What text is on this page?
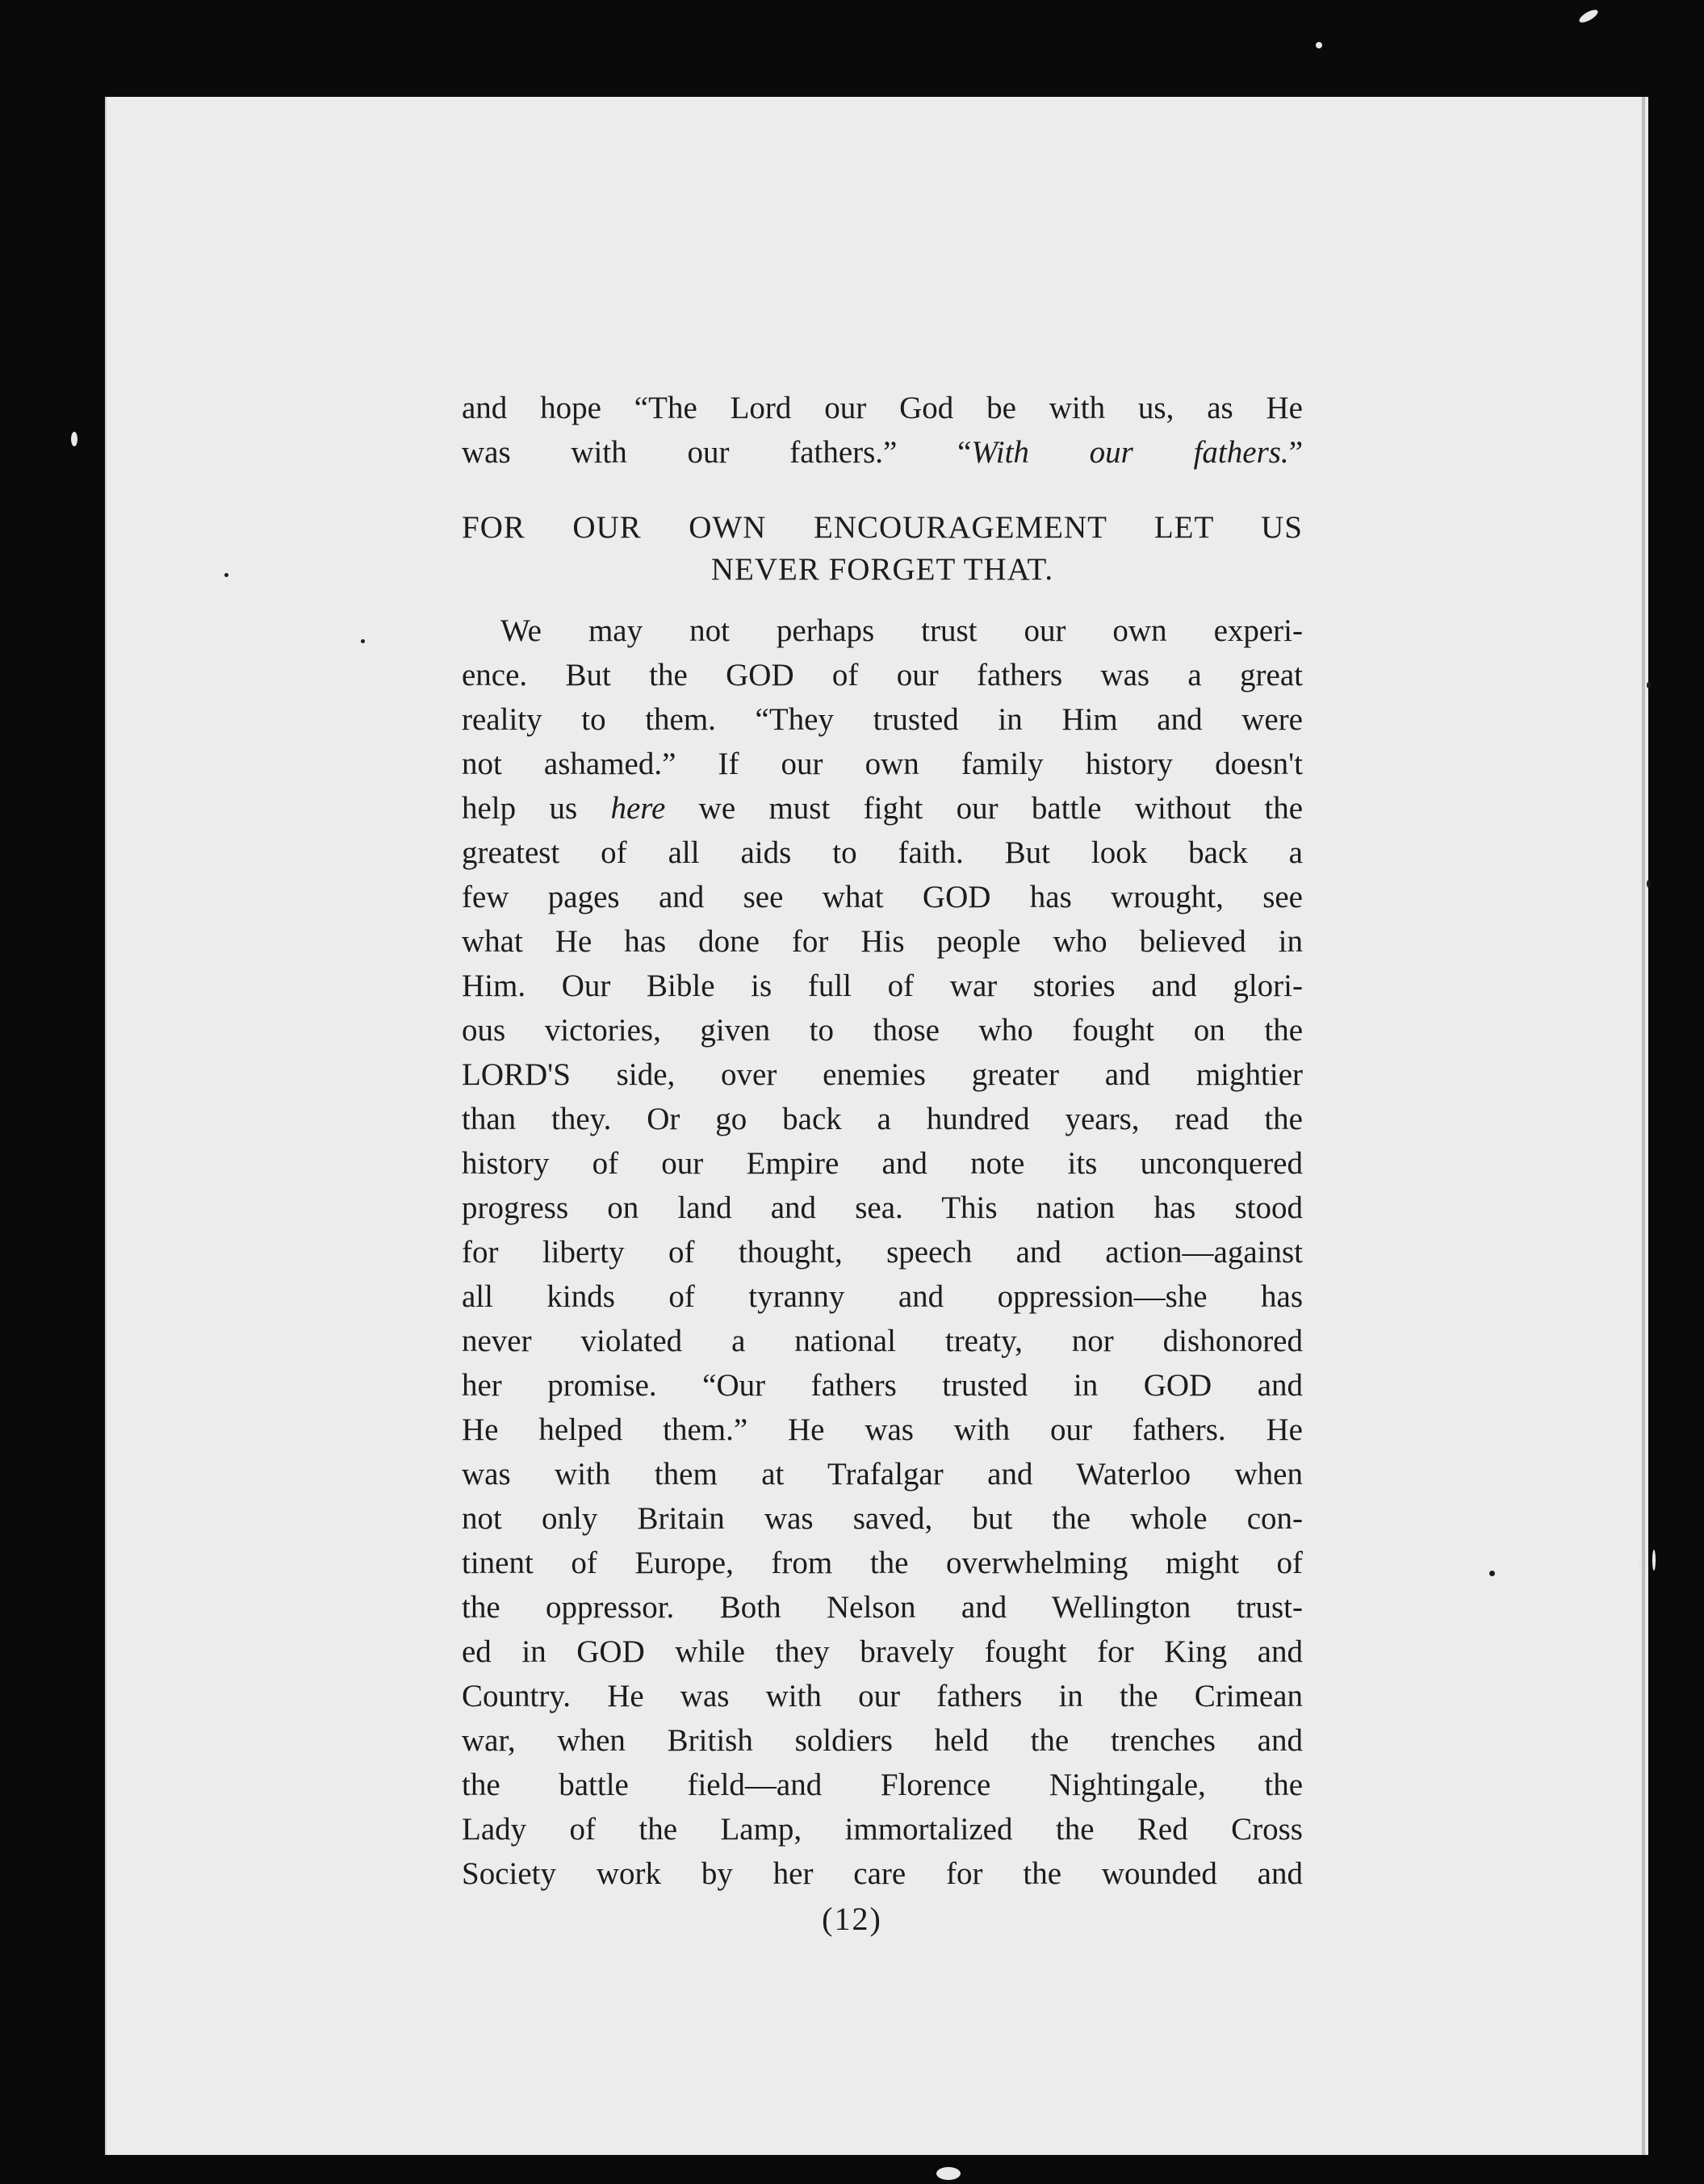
and hope “The Lord our God be with us, as He
was with our fathers.” “With our fathers.”
FOR OUR OWN ENCOURAGEMENT LET US
NEVER FORGET THAT.
We may not perhaps trust our own experi-
ence. But the GOD of our fathers was a great
reality to them. “They trusted in Him and were
not ashamed.” If our own family history doesn't
help us here we must fight our battle without the
greatest of all aids to faith. But look back a
few pages and see what GOD has wrought, see
what He has done for His people who believed in
Him. Our Bible is full of war stories and glori-
ous victories, given to those who fought on the
LORD'S side, over enemies greater and mightier
than they. Or go back a hundred years, read the
history of our Empire and note its unconquered
progress on land and sea. This nation has stood
for liberty of thought, speech and action—against
all kinds of tyranny and oppression—she has
never violated a national treaty, nor dishonored
her promise. “Our fathers trusted in GOD and
He helped them.” He was with our fathers. He
was with them at Trafalgar and Waterloo when
not only Britain was saved, but the whole con-
tinent of Europe, from the overwhelming might of
the oppressor. Both Nelson and Wellington trust-
ed in GOD while they bravely fought for King and
Country. He was with our fathers in the Crimean
war, when British soldiers held the trenches and
the battle field—and Florence Nightingale, the
Lady of the Lamp, immortalized the Red Cross
Society work by her care for the wounded and
(12)
